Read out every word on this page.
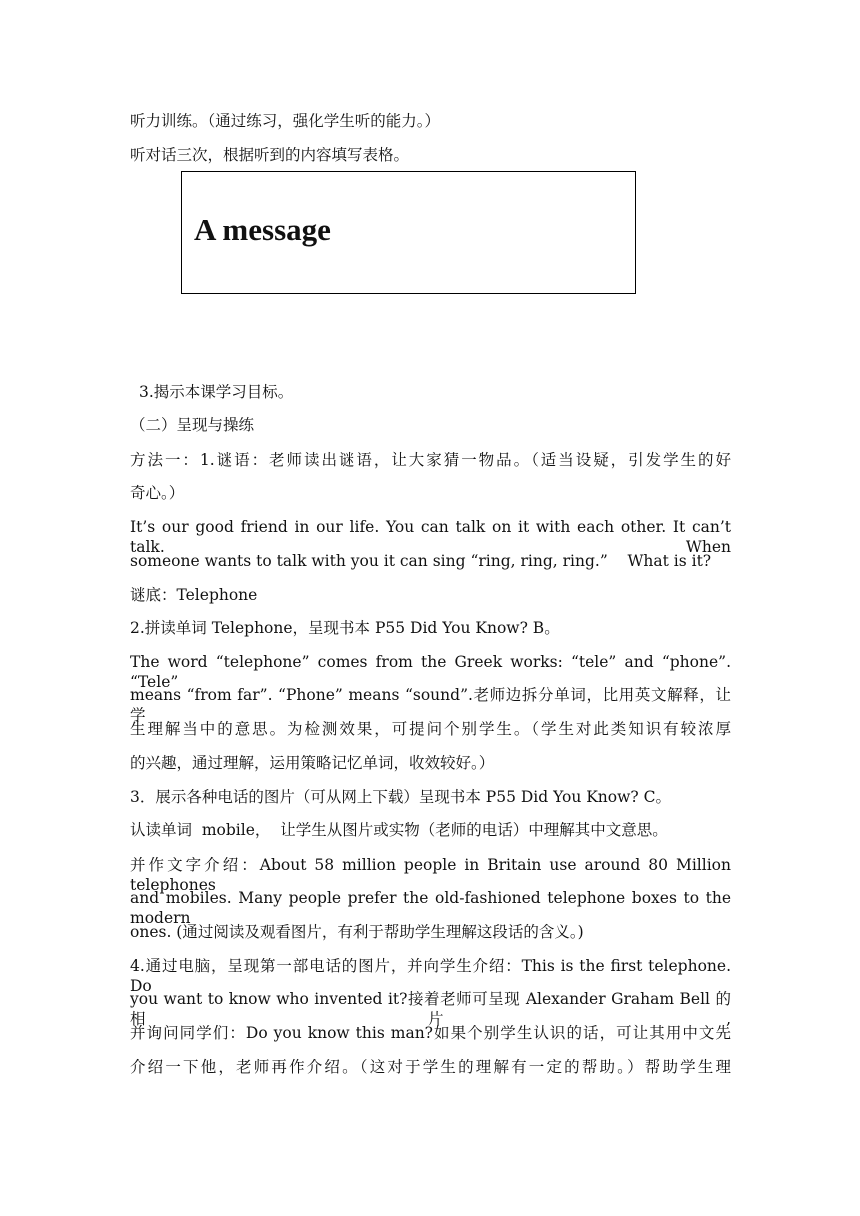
听力训练。（通过练习，强化学生听的能力。）
听对话三次，根据听到的内容填写表格。
A message
3.揭示本课学习目标。
（二）呈现与操练
方法一：1.谜语：老师读出谜语，让大家猜一物品。（适当设疑，引发学生的好
奇心。）
It’s our good friend in our life. You can talk on it with each other. It can’t talk. When
someone wants to talk with you it can sing “ring, ring, ring.”    What is it?
谜底：Telephone
2.拼读单词 Telephone，呈现书本 P55 Did You Know? B。
The word “telephone” comes from the Greek works: “tele” and “phone”. “Tele”
means “from far”. “Phone” means “sound”.老师边拆分单词，比用英文解释，让学
生理解当中的意思。为检测效果，可提问个别学生。（学生对此类知识有较浓厚
的兴趣，通过理解，运用策略记忆单词，收效较好。）
3．展示各种电话的图片（可从网上下载）呈现书本 P55 Did You Know? C。
认读单词  mobile，  让学生从图片或实物（老师的电话）中理解其中文意思。
并作文字介绍：About 58 million people in Britain use around 80 Million telephones
and mobiles. Many people prefer the old-fashioned telephone boxes to the modern
ones. (通过阅读及观看图片，有利于帮助学生理解这段话的含义。)
4.通过电脑，呈现第一部电话的图片，并向学生介绍：This is the first telephone. Do
you want to know who invented it?接着老师可呈现 Alexander Graham Bell 的相片,
并询问同学们：Do you know this man?如果个别学生认识的话，可让其用中文先
介绍一下他，老师再作介绍。（这对于学生的理解有一定的帮助。）帮助学生理
